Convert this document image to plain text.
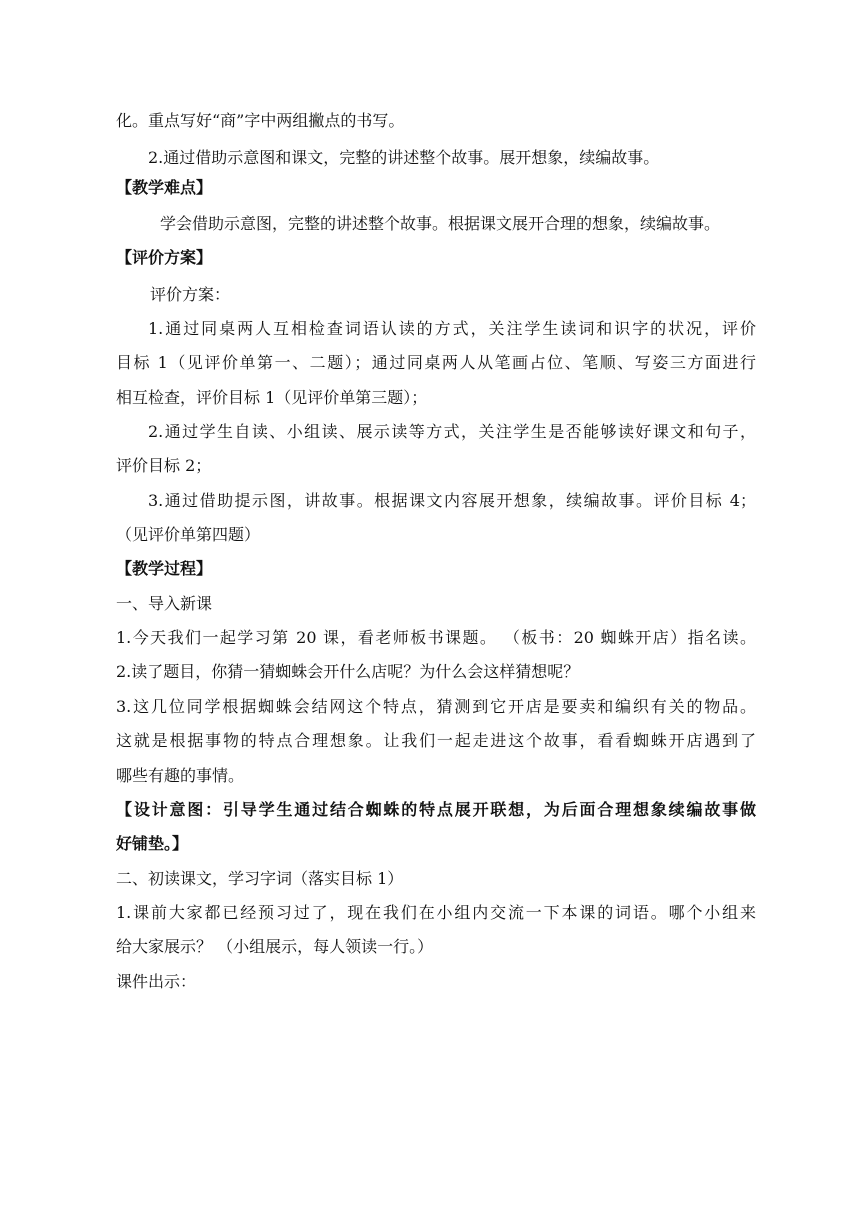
化。重点写好“商”字中两组撇点的书写。
2.通过借助示意图和课文，完整的讲述整个故事。展开想象，续编故事。
【教学难点】
学会借助示意图，完整的讲述整个故事。根据课文展开合理的想象，续编故事。
【评价方案】
评价方案：
1.通过同桌两人互相检查词语认读的方式，关注学生读词和识字的状况，评价
目标 1（见评价单第一、二题）；通过同桌两人从笔画占位、笔顺、写姿三方面进行
相互检查，评价目标 1（见评价单第三题）；
2.通过学生自读、小组读、展示读等方式，关注学生是否能够读好课文和句子，
评价目标 2；
3.通过借助提示图，讲故事。根据课文内容展开想象，续编故事。评价目标 4；
（见评价单第四题）
【教学过程】
一、导入新课
1.今天我们一起学习第 20 课，看老师板书课题。 （板书：20 蜘蛛开店）指名读。
2.读了题目，你猜一猜蜘蛛会开什么店呢？为什么会这样猜想呢？
3.这几位同学根据蜘蛛会结网这个特点，猜测到它开店是要卖和编织有关的物品。
这就是根据事物的特点合理想象。让我们一起走进这个故事，看看蜘蛛开店遇到了
哪些有趣的事情。
【设计意图：引导学生通过结合蜘蛛的特点展开联想，为后面合理想象续编故事做
好铺垫。】
二、初读课文，学习字词（落实目标 1）
1.课前大家都已经预习过了，现在我们在小组内交流一下本课的词语。哪个小组来
给大家展示？ （小组展示，每人领读一行。）
课件出示：
